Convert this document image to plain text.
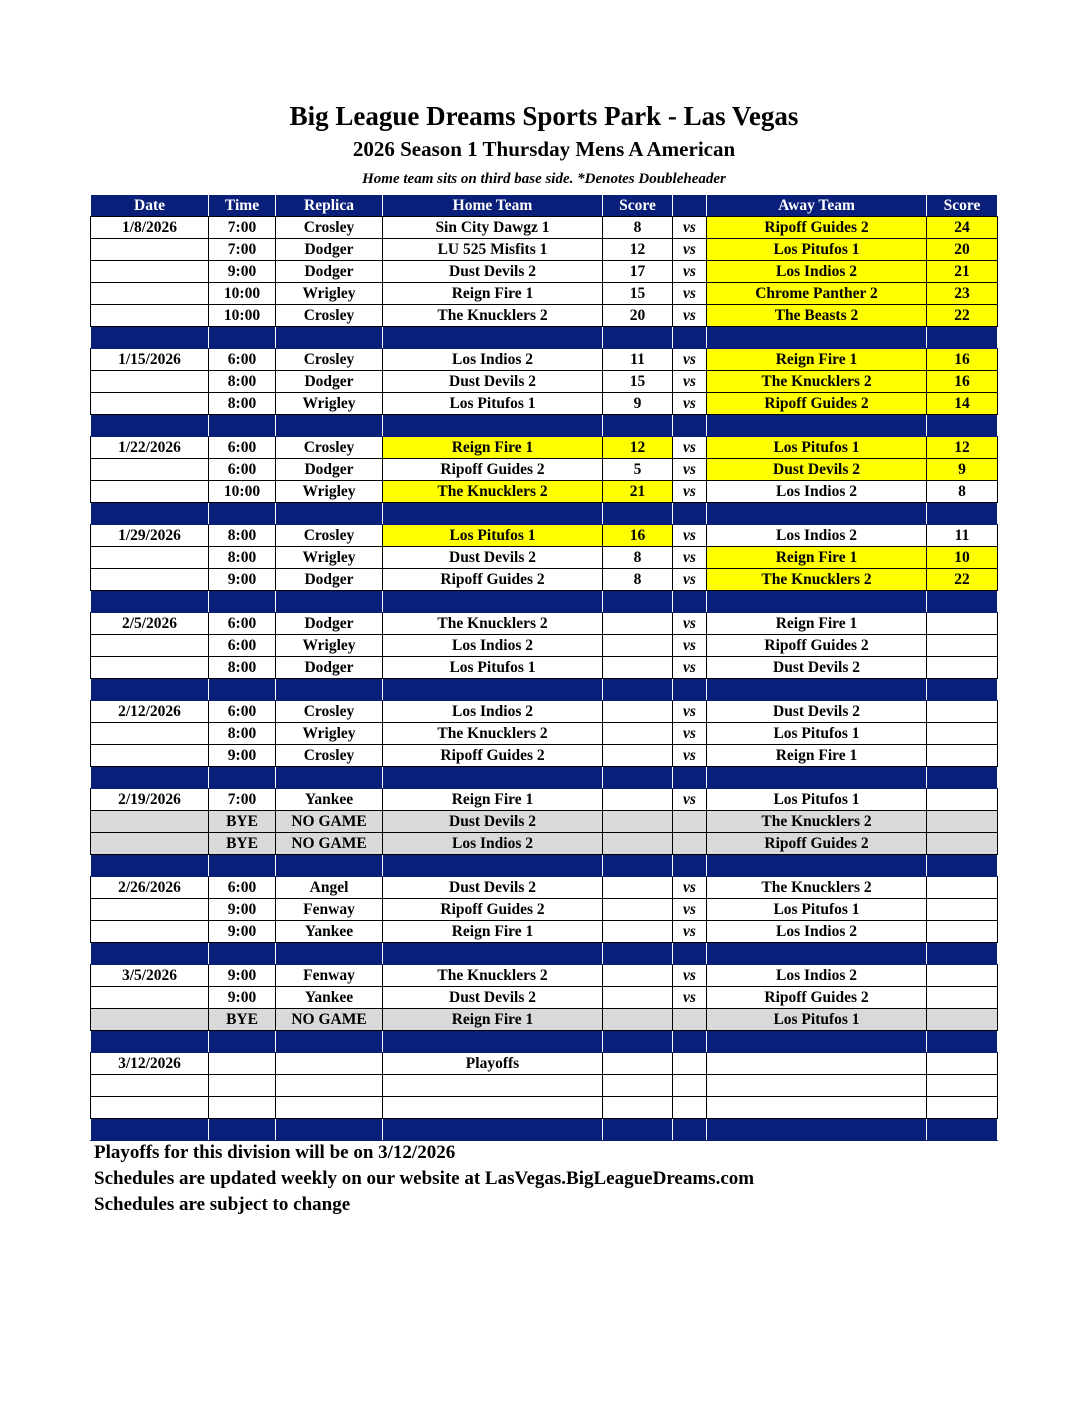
Big League Dreams Sports Park - Las Vegas
2026 Season 1 Thursday Mens A American
Home team sits on third base side. *Denotes Doubleheader
Date	Time	Replica	Home Team	Score		Away Team	Score
1/8/2026	7:00	Crosley	Sin City Dawgz 1	8	vs	Ripoff Guides 2	24
	7:00	Dodger	LU 525 Misfits 1	12	vs	Los Pitufos 1	20
	9:00	Dodger	Dust Devils 2	17	vs	Los Indios 2	21
	10:00	Wrigley	Reign Fire 1	15	vs	Chrome Panther 2	23
	10:00	Crosley	The Knucklers 2	20	vs	The Beasts 2	22

1/15/2026	6:00	Crosley	Los Indios 2	11	vs	Reign Fire 1	16
	8:00	Dodger	Dust Devils 2	15	vs	The Knucklers 2	16
	8:00	Wrigley	Los Pitufos 1	9	vs	Ripoff Guides 2	14

1/22/2026	6:00	Crosley	Reign Fire 1	12	vs	Los Pitufos 1	12
	6:00	Dodger	Ripoff Guides 2	5	vs	Dust Devils 2	9
	10:00	Wrigley	The Knucklers 2	21	vs	Los Indios 2	8

1/29/2026	8:00	Crosley	Los Pitufos 1	16	vs	Los Indios 2	11
	8:00	Wrigley	Dust Devils 2	8	vs	Reign Fire 1	10
	9:00	Dodger	Ripoff Guides 2	8	vs	The Knucklers 2	22

2/5/2026	6:00	Dodger	The Knucklers 2		vs	Reign Fire 1	
	6:00	Wrigley	Los Indios 2		vs	Ripoff Guides 2	
	8:00	Dodger	Los Pitufos 1		vs	Dust Devils 2	

2/12/2026	6:00	Crosley	Los Indios 2		vs	Dust Devils 2	
	8:00	Wrigley	The Knucklers 2		vs	Los Pitufos 1	
	9:00	Crosley	Ripoff Guides 2		vs	Reign Fire 1	

2/19/2026	7:00	Yankee	Reign Fire 1		vs	Los Pitufos 1	
	BYE	NO GAME	Dust Devils 2			The Knucklers 2	
	BYE	NO GAME	Los Indios 2			Ripoff Guides 2	

2/26/2026	6:00	Angel	Dust Devils 2		vs	The Knucklers 2	
	9:00	Fenway	Ripoff Guides 2		vs	Los Pitufos 1	
	9:00	Yankee	Reign Fire 1		vs	Los Indios 2	

3/5/2026	9:00	Fenway	The Knucklers 2		vs	Los Indios 2	
	9:00	Yankee	Dust Devils 2		vs	Ripoff Guides 2	
	BYE	NO GAME	Reign Fire 1			Los Pitufos 1	

3/12/2026			Playoffs				

Playoffs for this division will be on 3/12/2026
Schedules are updated weekly on our website at LasVegas.BigLeagueDreams.com
Schedules are subject to change
